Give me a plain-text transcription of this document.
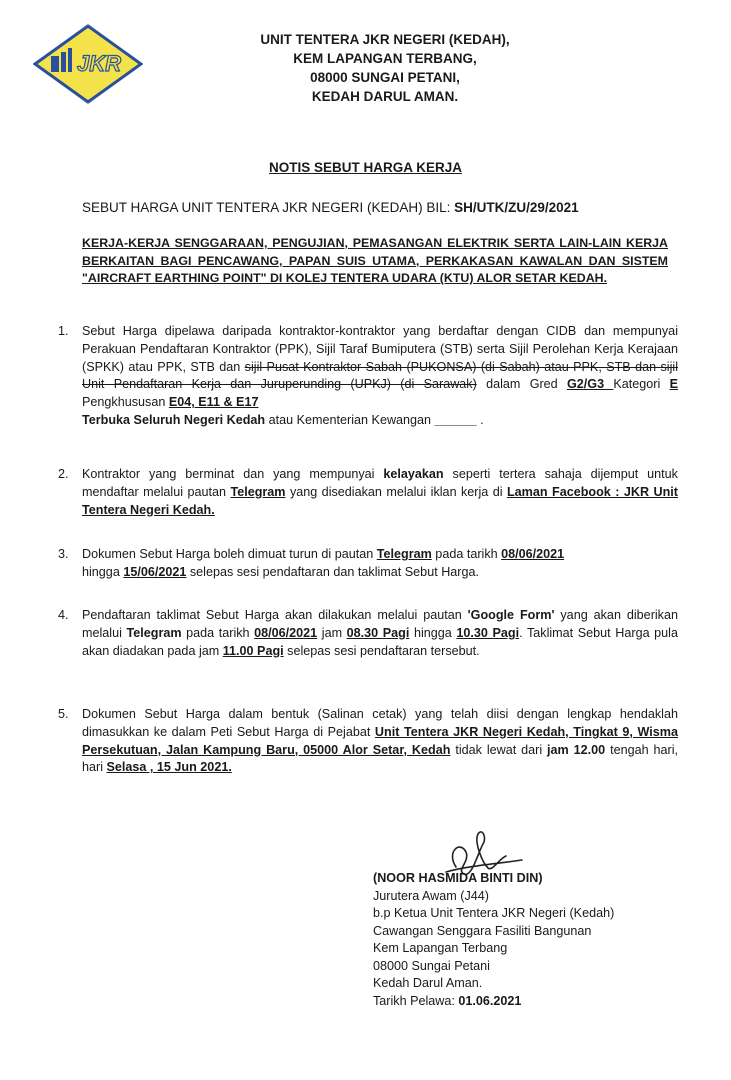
JKR
UNIT TENTERA JKR NEGERI (KEDAH),
KEM LAPANGAN TERBANG,
08000 SUNGAI PETANI,
KEDAH DARUL AMAN.
NOTIS SEBUT HARGA KERJA
SEBUT HARGA UNIT TENTERA JKR NEGERI (KEDAH) BIL: SH/UTK/ZU/29/2021
KERJA-KERJA SENGGARAAN, PENGUJIAN, PEMASANGAN ELEKTRIK SERTA LAIN-LAIN KERJA BERKAITAN BAGI PENCAWANG, PAPAN SUIS UTAMA, PERKAKASAN KAWALAN DAN SISTEM "AIRCRAFT EARTHING POINT" DI KOLEJ TENTERA UDARA (KTU) ALOR SETAR KEDAH.
1.	Sebut Harga dipelawa daripada kontraktor-kontraktor yang berdaftar dengan CIDB dan mempunyai Perakuan Pendaftaran Kontraktor (PPK), Sijil Taraf Bumiputera (STB) serta Sijil Perolehan Kerja Kerajaan (SPKK) atau PPK, STB dan sijil Pusat Kontraktor Sabah (PUKONSA) (di Sabah) atau PPK, STB dan sijil Unit Pendaftaran Kerja dan Juruperunding (UPKJ) (di Sarawak) dalam Gred G2/G3 Kategori E Pengkhususan E04, E11 & E17
Terbuka Seluruh Negeri Kedah atau Kementerian Kewangan ______ .
2.	Kontraktor yang berminat dan yang mempunyai kelayakan seperti tertera sahaja dijemput untuk mendaftar melalui pautan Telegram yang disediakan melalui iklan kerja di Laman Facebook : JKR Unit Tentera Negeri Kedah.
3.	Dokumen Sebut Harga boleh dimuat turun di pautan Telegram pada tarikh 08/06/2021
hingga 15/06/2021 selepas sesi pendaftaran dan taklimat Sebut Harga.
4.	Pendaftaran taklimat Sebut Harga akan dilakukan melalui pautan 'Google Form' yang akan diberikan melalui Telegram pada tarikh 08/06/2021 jam 08.30 Pagi hingga 10.30 Pagi. Taklimat Sebut Harga pula akan diadakan pada jam 11.00 Pagi selepas sesi pendaftaran tersebut.
5.	Dokumen Sebut Harga dalam bentuk (Salinan cetak) yang telah diisi dengan lengkap hendaklah dimasukkan ke dalam Peti Sebut Harga di Pejabat Unit Tentera JKR Negeri Kedah, Tingkat 9, Wisma Persekutuan, Jalan Kampung Baru, 05000 Alor Setar, Kedah tidak lewat dari jam 12.00 tengah hari, hari Selasa , 15 Jun 2021.
(NOOR HASMIDA BINTI DIN)
Jurutera Awam (J44)
b.p Ketua Unit Tentera JKR Negeri (Kedah)
Cawangan Senggara Fasiliti Bangunan
Kem Lapangan Terbang
08000 Sungai Petani
Kedah Darul Aman.
Tarikh Pelawa: 01.06.2021
